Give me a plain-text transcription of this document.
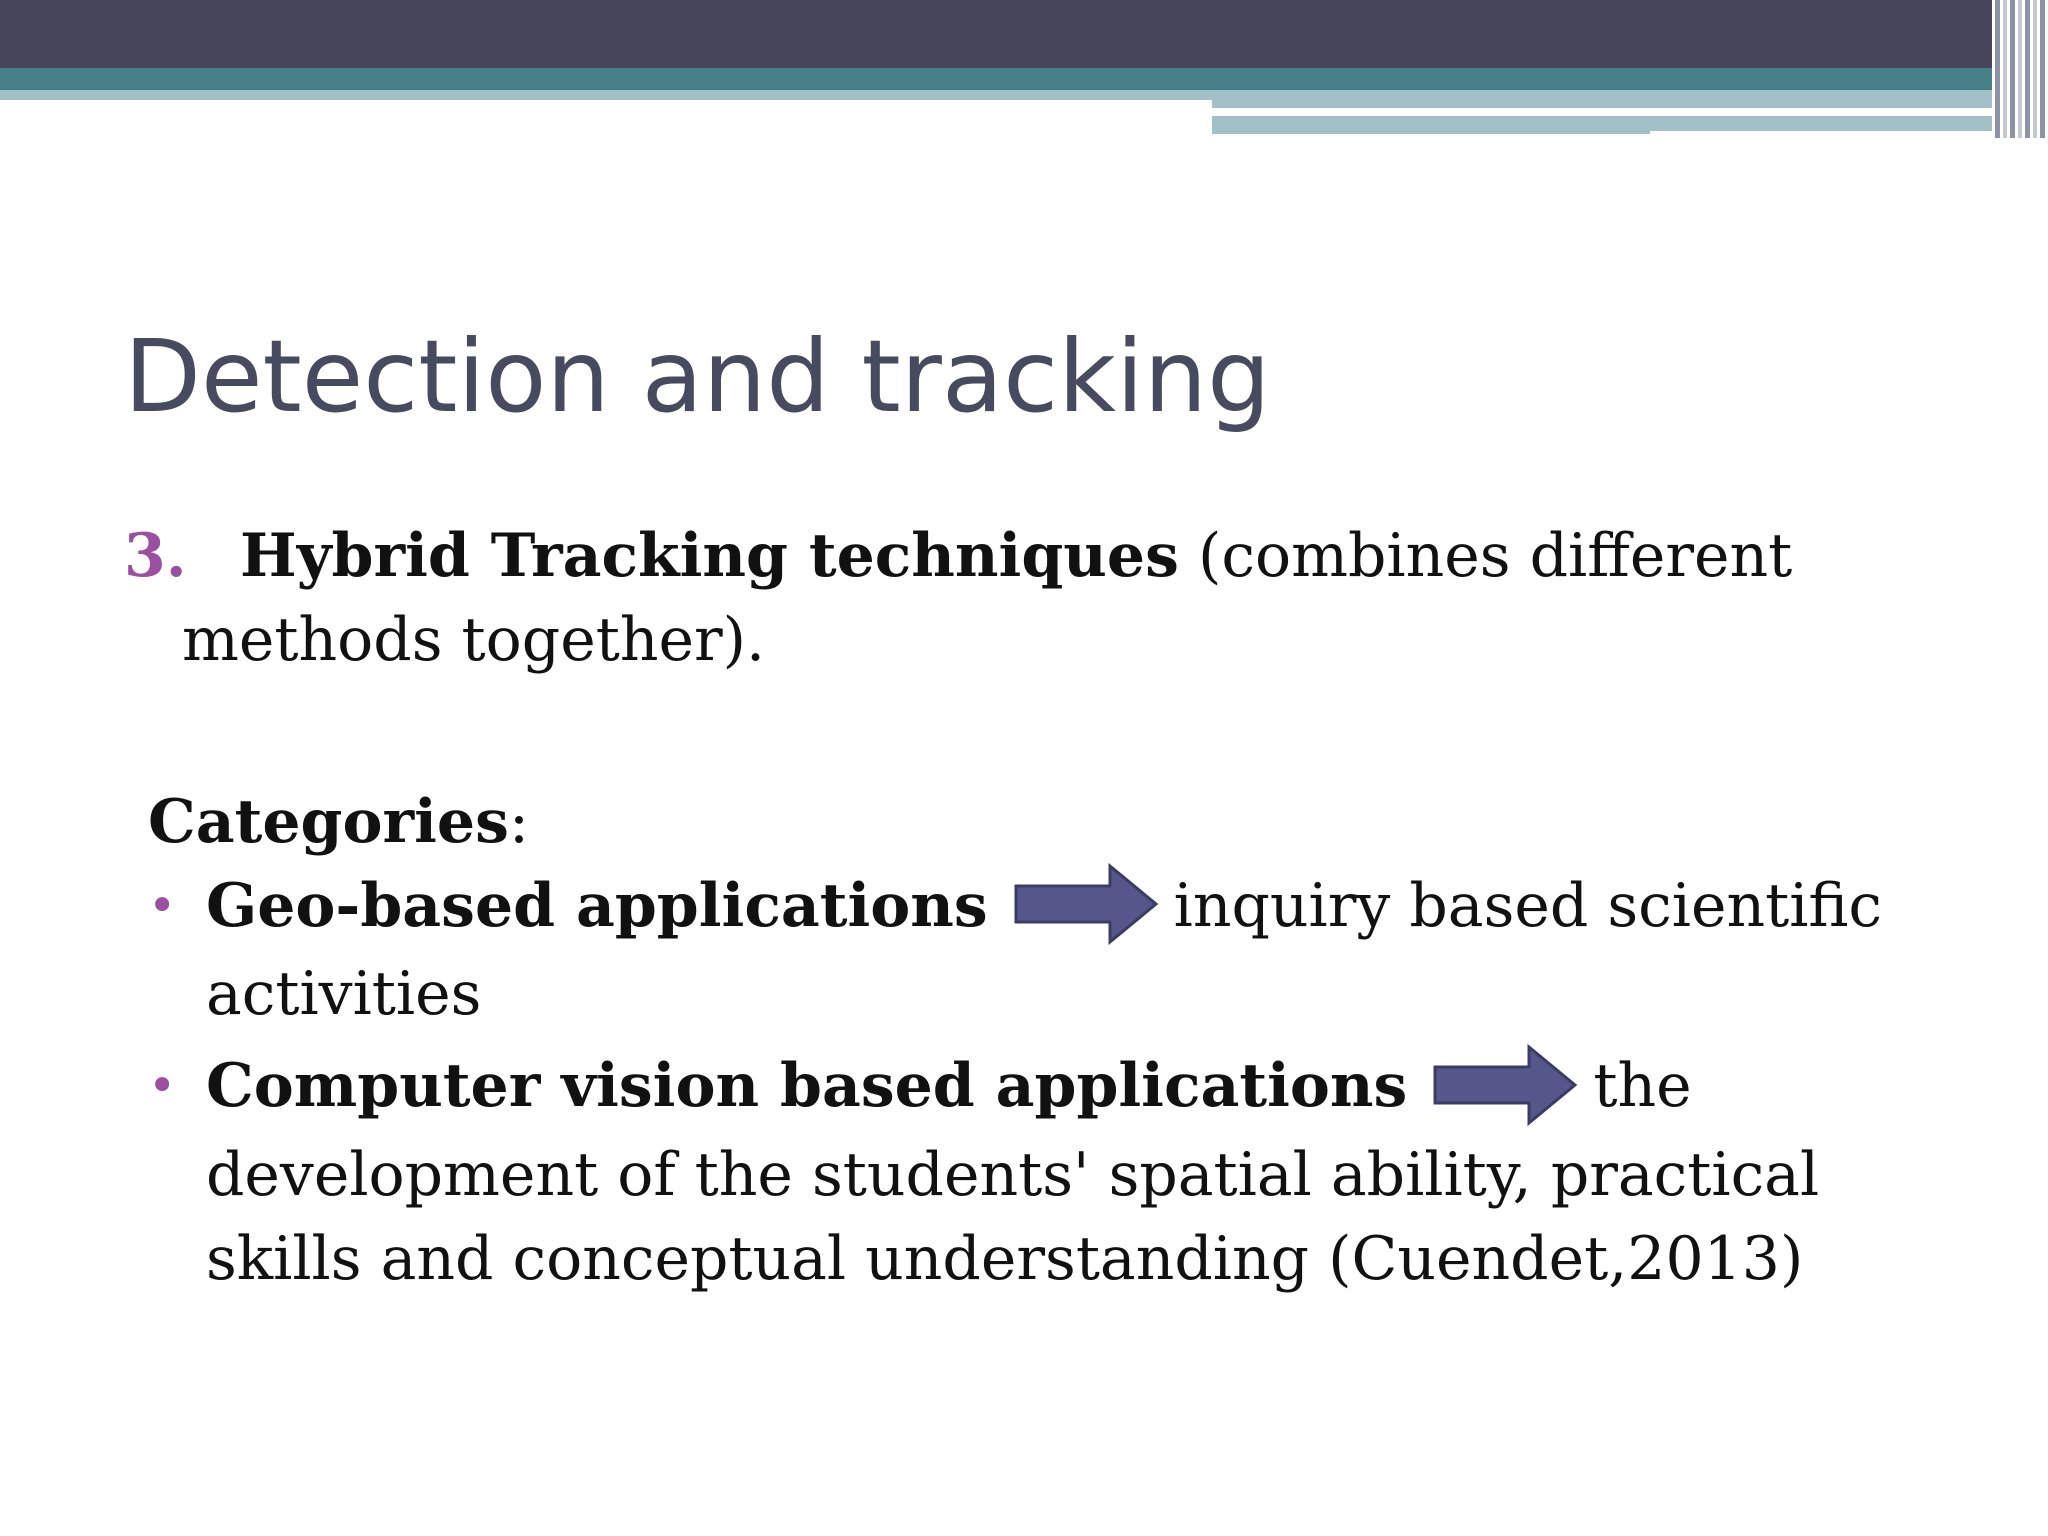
Detection and tracking
3. Hybrid Tracking techniques (combines different
methods together).
Categories:
• Geo-based applications	inquiry based scientific
activities
• Computer vision based applications	the
development of the students' spatial ability, practical
skills and conceptual understanding (Cuendet,2013)
